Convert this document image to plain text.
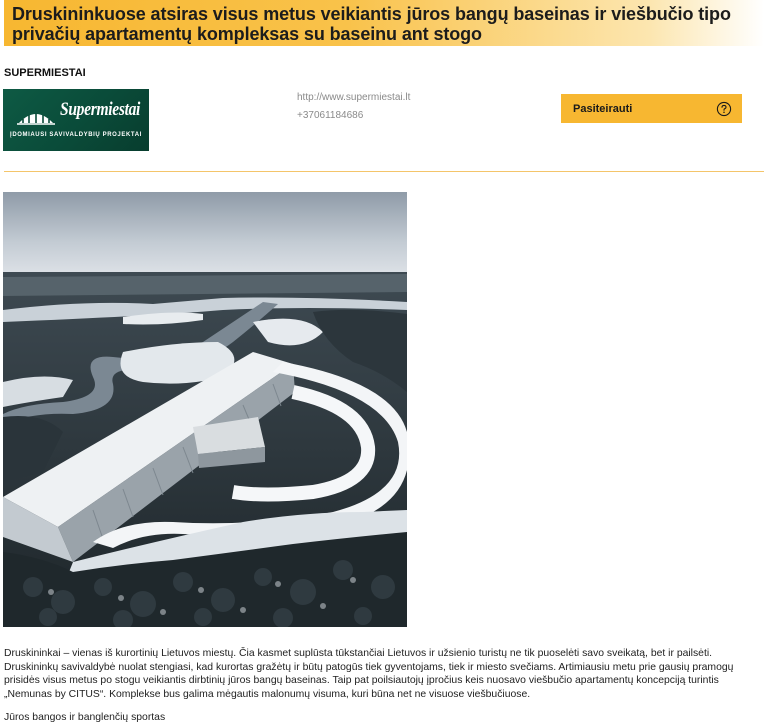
Druskininkuose atsiras visus metus veikiantis jūros bangų baseinas ir viešbučio tipo privačių apartamentų kompleksas su baseinu ant stogo
SUPERMIESTAI
Supermiestai
ĮDOMIAUSI SAVIVALDYBIŲ PROJEKTAI
http://www.supermiestai.lt
+37061184686
Pasiteirauti

Druskininkai – vienas iš kurortinių Lietuvos miestų. Čia kasmet suplūsta tūkstančiai Lietuvos ir užsienio turistų ne tik puoselėti savo sveikatą, bet ir pailsėti. Druskininkų savivaldybė nuolat stengiasi, kad kurortas gražėtų ir būtų patogūs tiek gyventojams, tiek ir miesto svečiams. Artimiausiu metu prie gausių pramogų prisidės visus metus po stogu veikiantis dirbtinių jūros bangų baseinas. Taip pat poilsiautojų įpročius keis nuosavo viešbučio apartamentų koncepciją turintis „Nemunas by CITUS“. Komplekse bus galima mėgautis malonumų visuma, kuri būna net ne visuose viešbučiuose.

Jūros bangos ir banglenčių sportas
